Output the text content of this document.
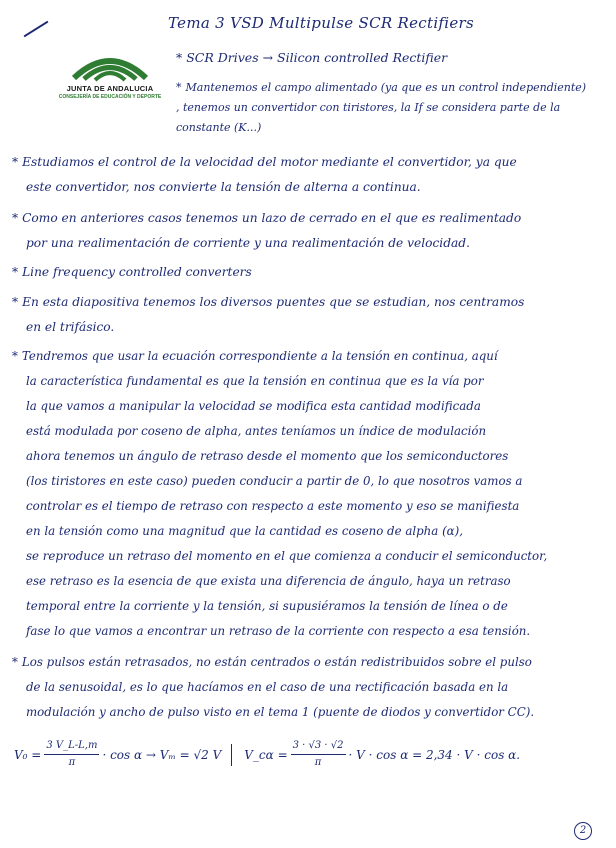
JUNTA DE ANDALUCIA
CONSEJERÍA DE EDUCACIÓN Y DEPORTE
Tema 3 VSD Multipulse SCR Rectifiers
* SCR Drives → Silicon controlled Rectifier

* Mantenemos el campo alimentado (ya que es un control independiente)
, tenemos un convertidor con tiristores, la If se considera parte de la
constante (K...)

* Estudiamos el control de la velocidad del motor mediante el convertidor, ya que
este convertidor, nos convierte la tensión de alterna a continua.

* Como en anteriores casos tenemos un lazo de cerrado en el que es realimentado
por una realimentación de corriente y una realimentación de velocidad.

* Line frequency controlled converters

* En esta diapositiva tenemos los diversos puentes que se estudian, nos centramos
en el trifásico.

* Tendremos que usar la ecuación correspondiente a la tensión en continua, aquí
la característica fundamental es que la tensión en continua que es la vía por
la que vamos a manipular la velocidad se modifica esta cantidad modificada
está modulada por coseno de alpha, antes teníamos un índice de modulación
ahora tenemos un ángulo de retraso desde el momento que los semiconductores
(los tiristores en este caso) pueden conducir a partir de 0, lo que nosotros vamos a
controlar es el tiempo de retraso con respecto a este momento y eso se manifiesta
en la tensión como una magnitud que la cantidad es coseno de alpha (α),
se reproduce un retraso del momento en el que comienza a conducir el semiconductor,
ese retraso es la esencia de que exista una diferencia de ángulo, haya un retraso
temporal entre la corriente y la tensión, si supusiéramos la tensión de línea o de
fase lo que vamos a encontrar un retraso de la corriente con respecto a esa tensión.

* Los pulsos están retrasados, no están centrados o están redistribuidos sobre el pulso
de la senusoidal, es lo que hacíamos en el caso de una rectificación basada en la
modulación y ancho de pulso visto en el tema 1 (puente de diodos y convertidor CC).

$V_0 = \frac{3 V\_L-L,m}{\pi} \cdot \cos \alpha \to V_m = √2$ V V_cα = $\frac{3 \cdot √3 \cdot √2}{\pi} \cdot V \cdot \cos \alpha = 2,34 \cdot V \cdot \cos \alpha$.
2
